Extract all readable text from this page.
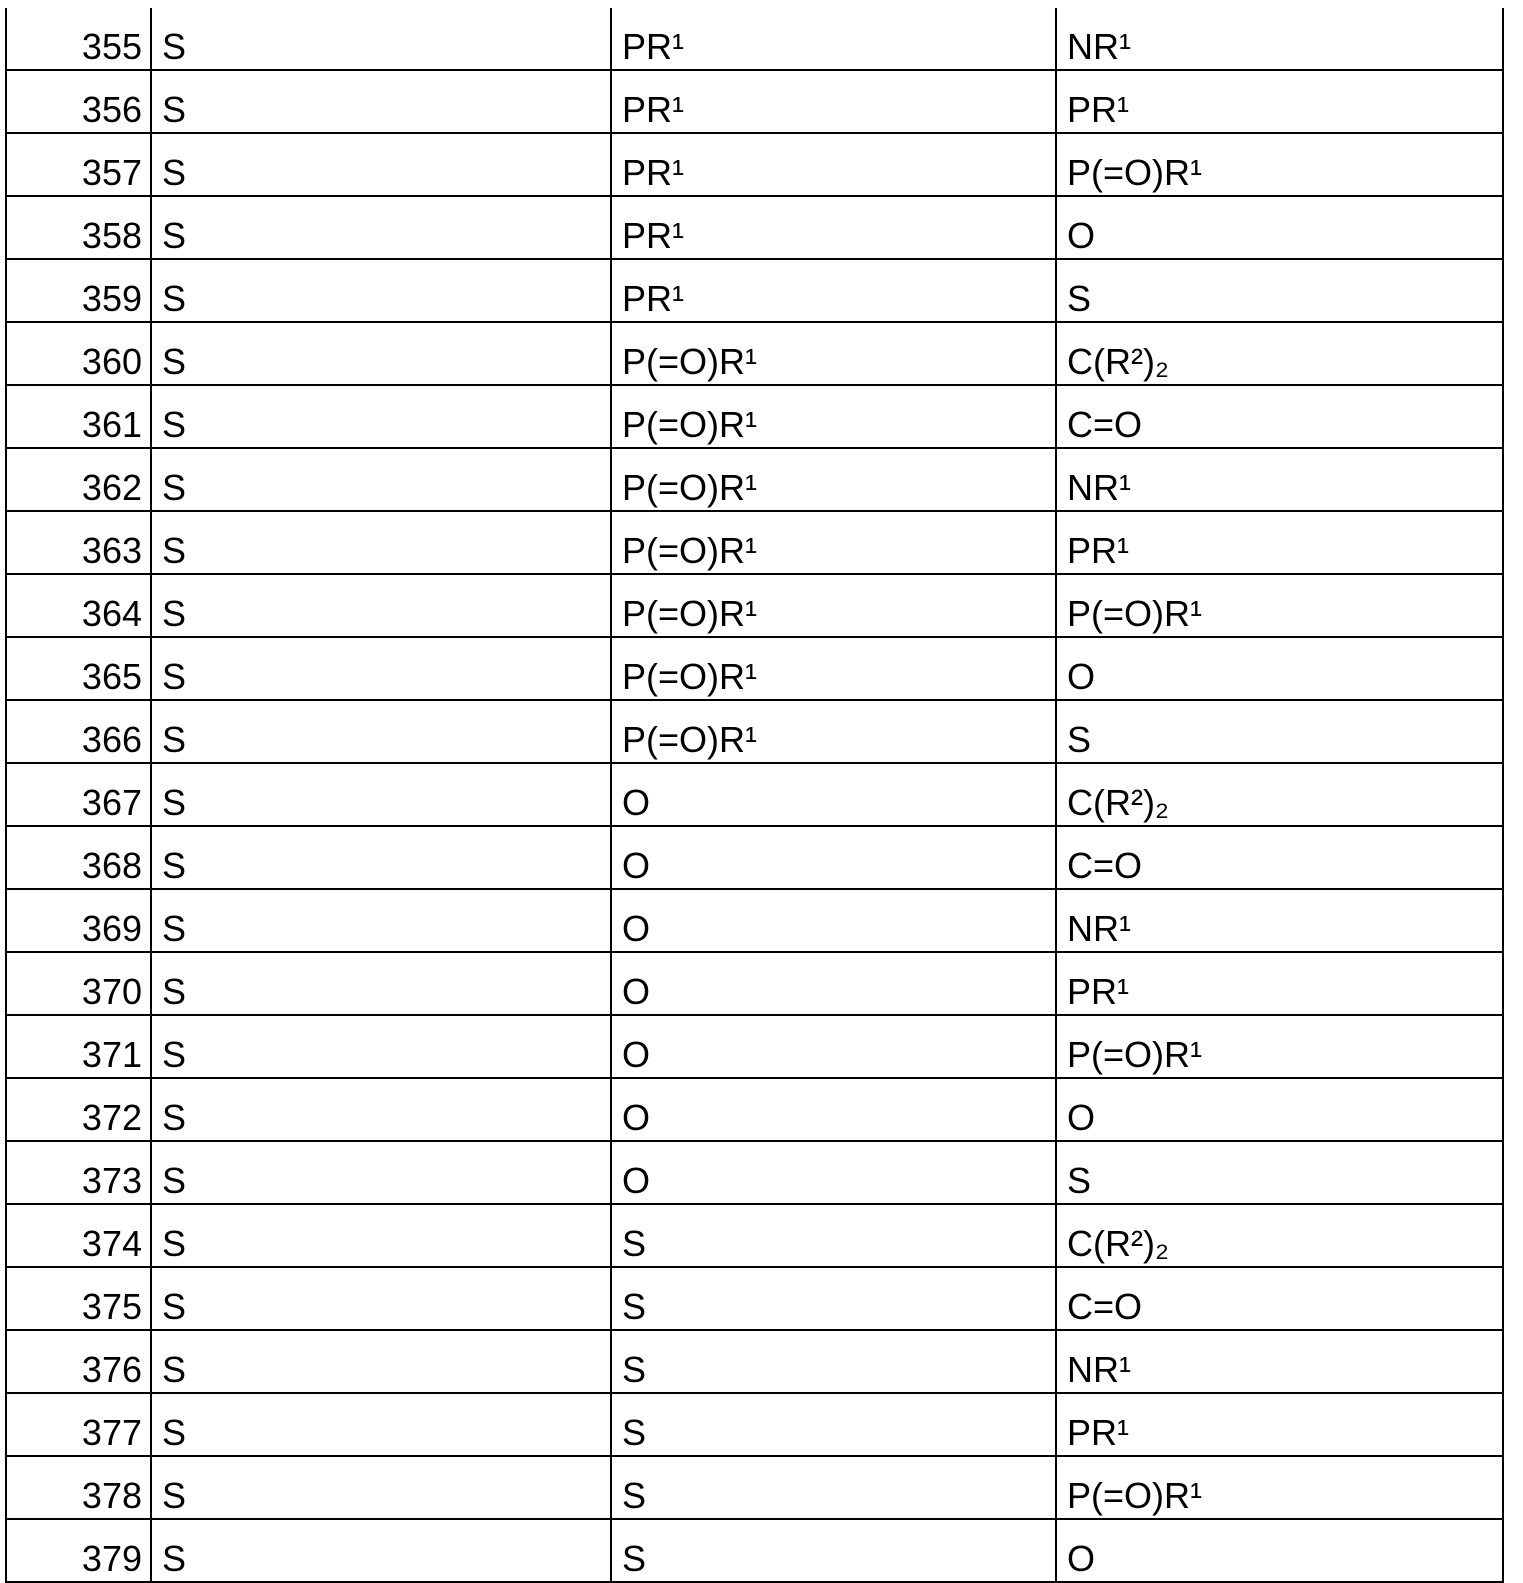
355	S	PR¹	NR¹
356	S	PR¹	PR¹
357	S	PR¹	P(=O)R¹
358	S	PR¹	O
359	S	PR¹	S
360	S	P(=O)R¹	C(R²)₂
361	S	P(=O)R¹	C=O
362	S	P(=O)R¹	NR¹
363	S	P(=O)R¹	PR¹
364	S	P(=O)R¹	P(=O)R¹
365	S	P(=O)R¹	O
366	S	P(=O)R¹	S
367	S	O	C(R²)₂
368	S	O	C=O
369	S	O	NR¹
370	S	O	PR¹
371	S	O	P(=O)R¹
372	S	O	O
373	S	O	S
374	S	S	C(R²)₂
375	S	S	C=O
376	S	S	NR¹
377	S	S	PR¹
378	S	S	P(=O)R¹
379	S	S	O
